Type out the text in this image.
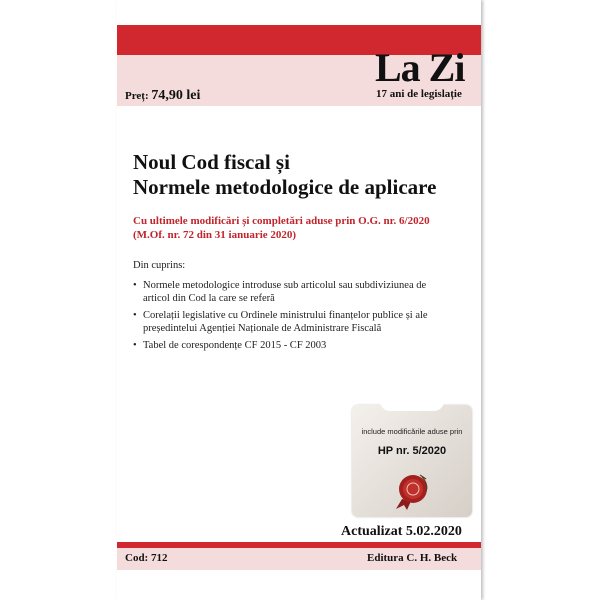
Preț: 74,90 lei
La Zi
17 ani de legislație
Noul Cod fiscal și
Normele metodologice de aplicare
Cu ultimele modificări și completări aduse prin O.G. nr. 6/2020
(M.Of. nr. 72 din 31 ianuarie 2020)
Din cuprins:
• Normele metodologice introduse sub articolul sau subdiviziunea de articol din Cod la care se referă
• Corelații legislative cu Ordinele ministrului finanțelor publice și ale președintelui Agenției Naționale de Administrare Fiscală
• Tabel de corespondențe CF 2015 - CF 2003
include modificările aduse prin
HP nr. 5/2020
Actualizat 5.02.2020
Cod: 712	Editura C. H. Beck
